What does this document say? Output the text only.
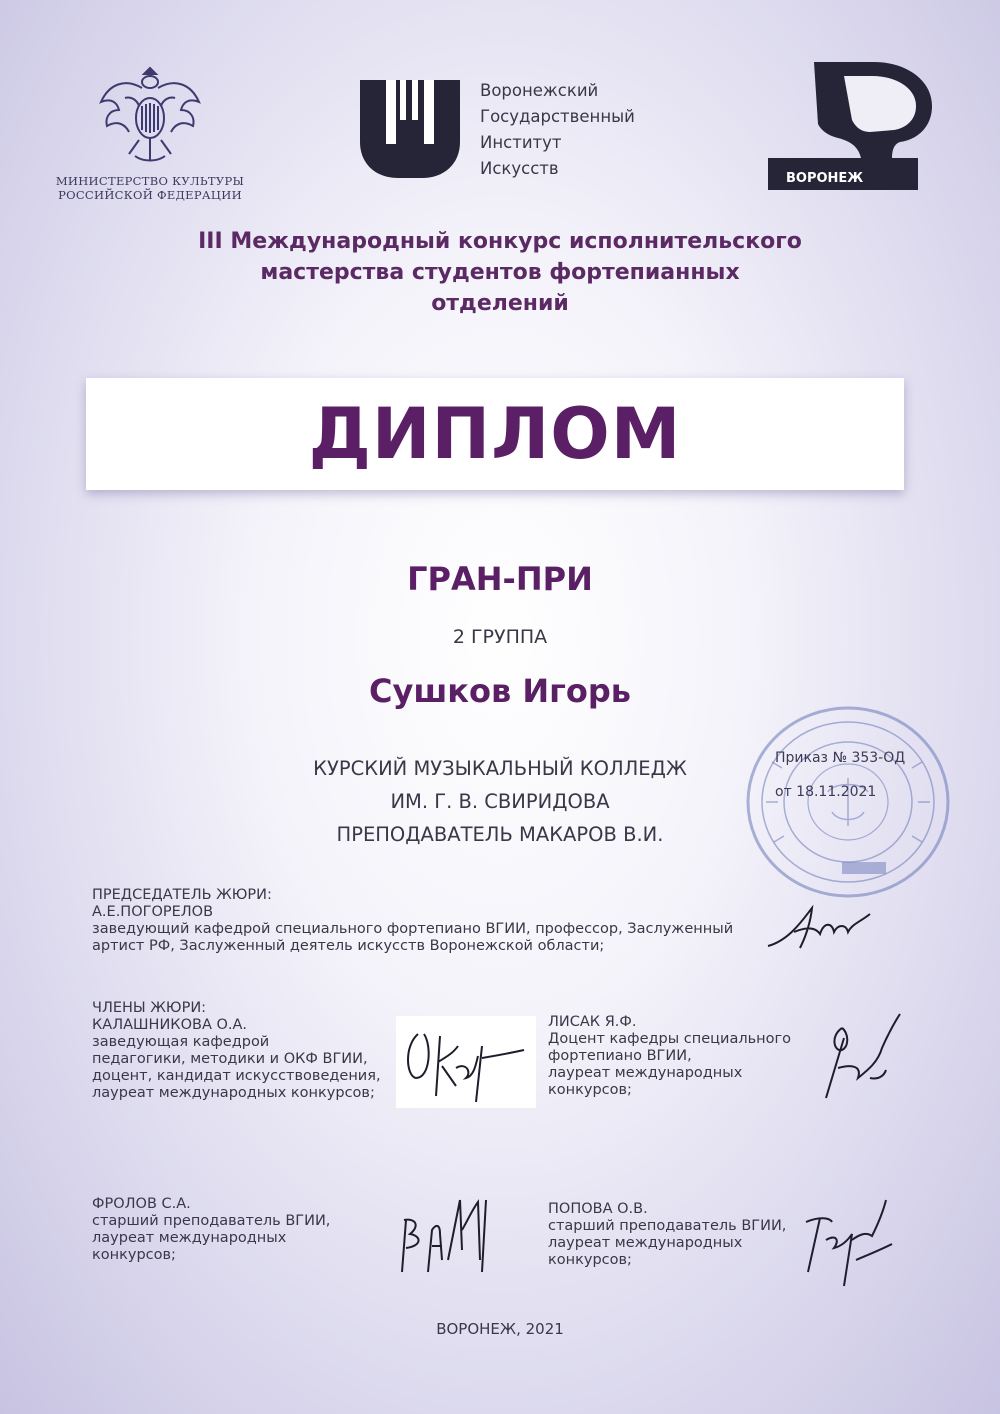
МИНИСТЕРСТВО КУЛЬТУРЫ
РОССИЙСКОЙ ФЕДЕРАЦИИ
Воронежский
Государственный
Институт
Искусств
ВОРОНЕЖ
III Международный конкурс исполнительского
мастерства студентов фортепианных
отделений
ДИПЛОМ
ГРАН-ПРИ
2 ГРУППА
Сушков Игорь
КУРСКИЙ МУЗЫКАЛЬНЫЙ КОЛЛЕДЖ
ИМ. Г. В. СВИРИДОВА
ПРЕПОДАВАТЕЛЬ МАКАРОВ В.И.
Приказ № 353-ОД
от 18.11.2021
ПРЕДСЕДАТЕЛЬ ЖЮРИ:
А.Е.ПОГОРЕЛОВ
заведующий кафедрой специального фортепиано ВГИИ, профессор, Заслуженный
артист РФ, Заслуженный деятель искусств Воронежской области;
ЧЛЕНЫ ЖЮРИ:
КАЛАШНИКОВА О.А.
заведующая кафедрой
педагогики, методики и ОКФ ВГИИ,
доцент, кандидат искусствоведения,
лауреат международных конкурсов;
ЛИСАК Я.Ф.
Доцент кафедры специального
фортепиано ВГИИ,
лауреат международных
конкурсов;
ФРОЛОВ С.А.
старший преподаватель ВГИИ,
лауреат международных
конкурсов;
ПОПОВА О.В.
старший преподаватель ВГИИ,
лауреат международных
конкурсов;
ВОРОНЕЖ, 2021
